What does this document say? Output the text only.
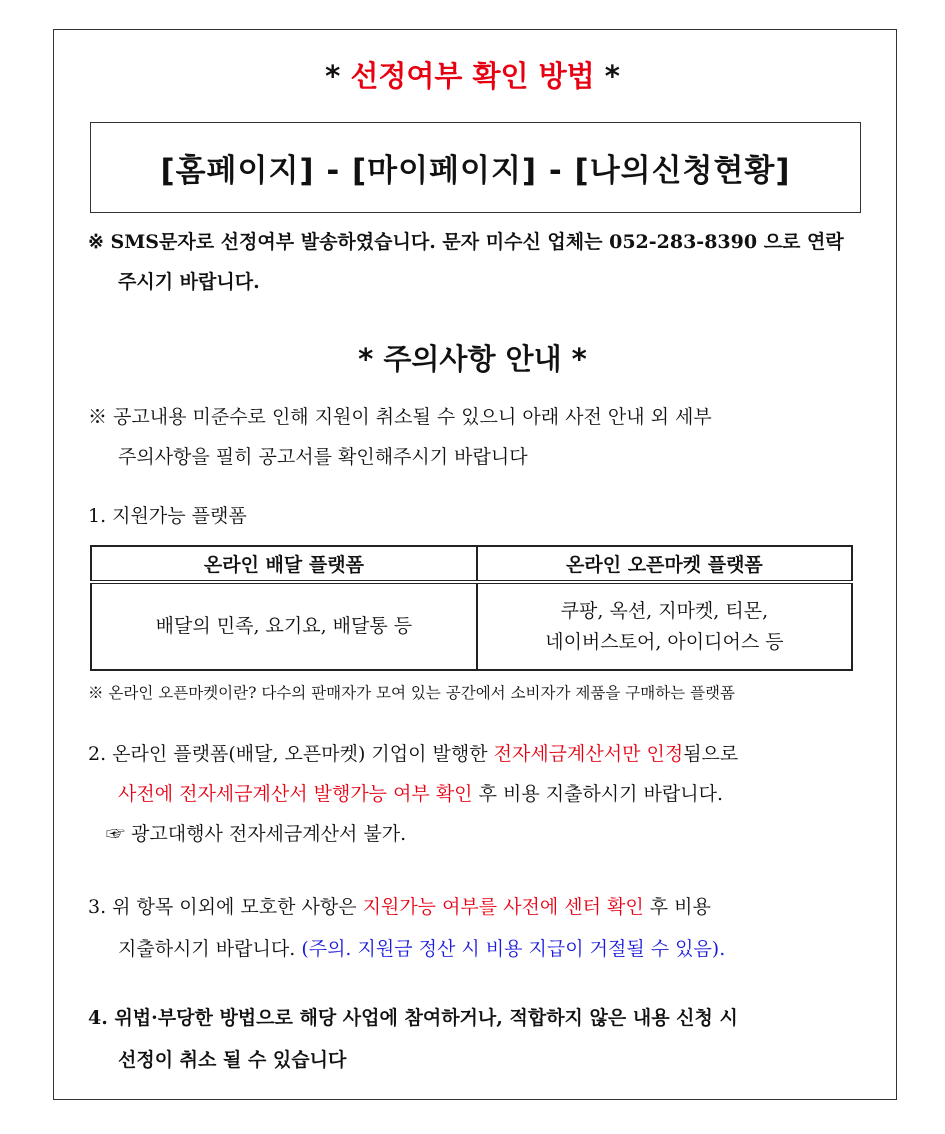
* 선정여부 확인 방법 *
[홈페이지] - [마이페이지] - [나의신청현황]
※ SMS문자로 선정여부 발송하였습니다. 문자 미수신 업체는 052-283-8390 으로 연락
주시기 바랍니다.
* 주의사항 안내 *
※ 공고내용 미준수로 인해 지원이 취소될 수 있으니 아래 사전 안내 외 세부
주의사항을 필히 공고서를 확인해주시기 바랍니다
1. 지원가능 플랫폼
온라인 배달 플랫폼	온라인 오픈마켓 플랫폼
배달의 민족, 요기요, 배달통 등	쿠팡, 옥션, 지마켓, 티몬,
네이버스토어, 아이디어스 등
※ 온라인 오픈마켓이란? 다수의 판매자가 모여 있는 공간에서 소비자가 제품을 구매하는 플랫폼
2. 온라인 플랫폼(배달, 오픈마켓) 기업이 발행한 전자세금계산서만 인정됨으로
사전에 전자세금계산서 발행가능 여부 확인 후 비용 지출하시기 바랍니다.
☞ 광고대행사 전자세금계산서 불가.
3. 위 항목 이외에 모호한 사항은 지원가능 여부를 사전에 센터 확인 후 비용
지출하시기 바랍니다. (주의. 지원금 정산 시 비용 지급이 거절될 수 있음).
4. 위법·부당한 방법으로 해당 사업에 참여하거나, 적합하지 않은 내용 신청 시
선정이 취소 될 수 있습니다
